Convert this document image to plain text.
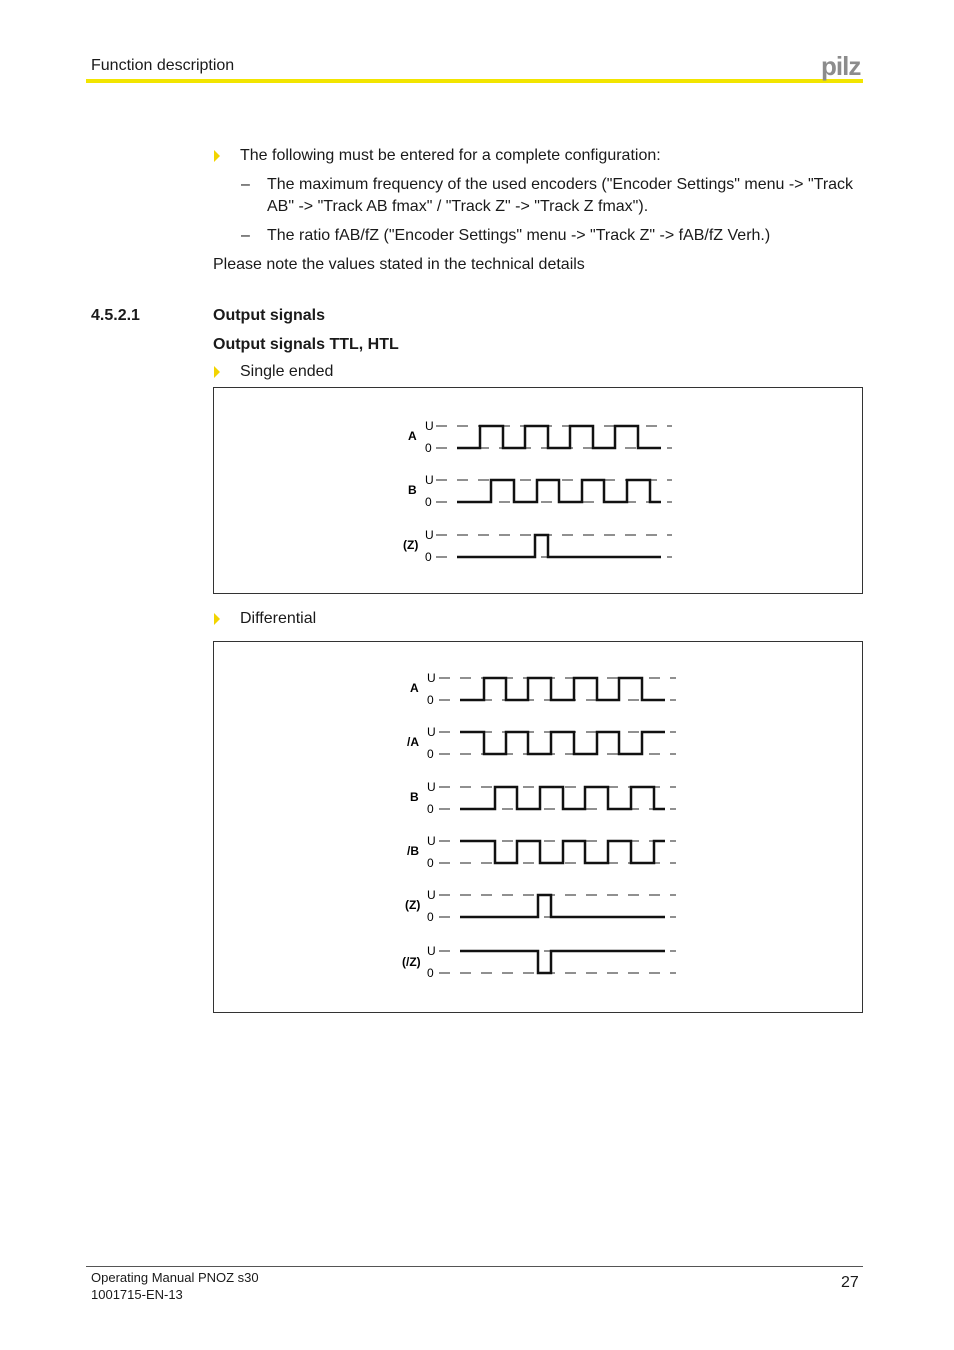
Function description	pilz
The following must be entered for a complete configuration:
– The maximum frequency of the used encoders ("Encoder Settings" menu -> "Track AB" -> "Track AB fmax" / "Track Z" -> "Track Z fmax").
– The ratio fAB/fZ ("Encoder Settings" menu -> "Track Z" -> fAB/fZ Verh.)
Please note the values stated in the technical details
4.5.2.1	Output signals
Output signals TTL, HTL
Single ended
A
U
0
B
U
0
(Z)
U
0
Differential
A
U
0
/A
U
0
B
U
0
/B
U
0
(Z)
U
0
(/Z)
U
0
Operating Manual PNOZ s30
1001715-EN-13
27
